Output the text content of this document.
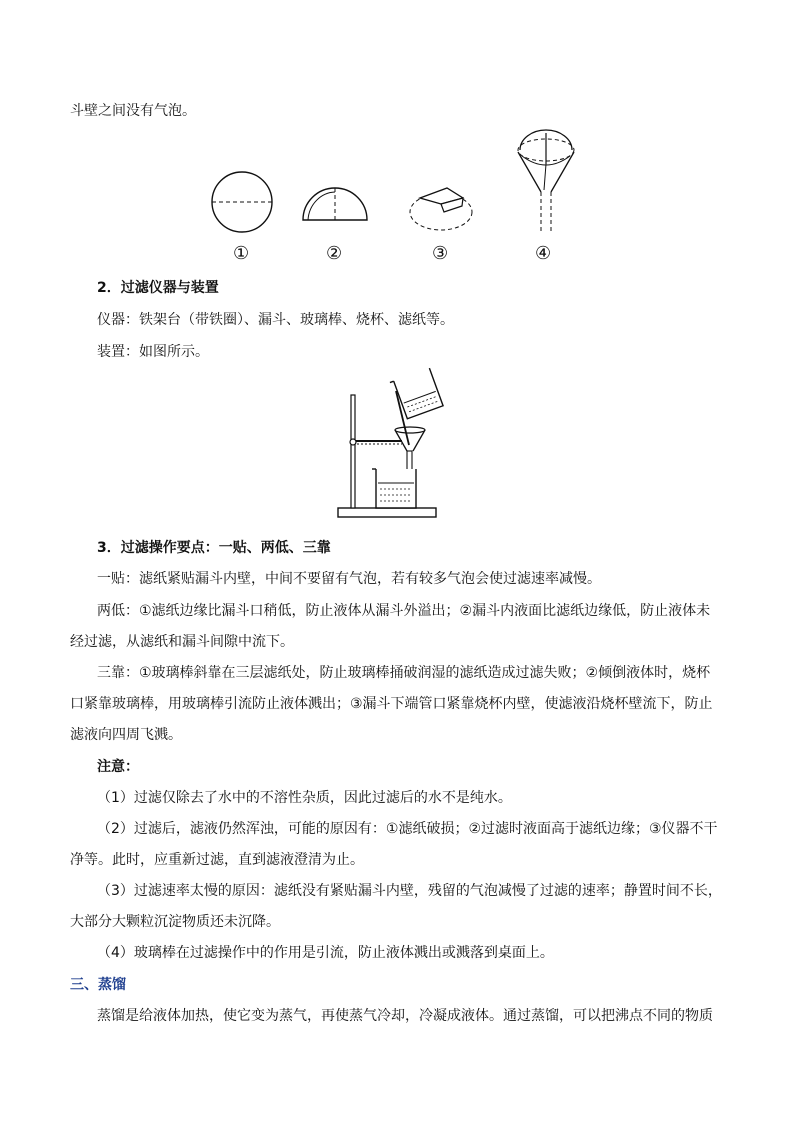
斗壁之间没有气泡。
①	②	③	④
2．过滤仪器与装置
仪器：铁架台（带铁圈）、漏斗、玻璃棒、烧杯、滤纸等。
装置：如图所示。
3．过滤操作要点：一贴、两低、三靠
一贴：滤纸紧贴漏斗内壁，中间不要留有气泡，若有较多气泡会使过滤速率减慢。
两低：①滤纸边缘比漏斗口稍低，防止液体从漏斗外溢出；②漏斗内液面比滤纸边缘低，防止液体未
经过滤，从滤纸和漏斗间隙中流下。
三靠：①玻璃棒斜靠在三层滤纸处，防止玻璃棒捅破润湿的滤纸造成过滤失败；②倾倒液体时，烧杯
口紧靠玻璃棒，用玻璃棒引流防止液体溅出；③漏斗下端管口紧靠烧杯内壁，使滤液沿烧杯壁流下，防止
滤液向四周飞溅。
注意：
（1）过滤仅除去了水中的不溶性杂质，因此过滤后的水不是纯水。
（2）过滤后，滤液仍然浑浊，可能的原因有：①滤纸破损；②过滤时液面高于滤纸边缘；③仪器不干
净等。此时，应重新过滤，直到滤液澄清为止。
（3）过滤速率太慢的原因：滤纸没有紧贴漏斗内壁，残留的气泡减慢了过滤的速率；静置时间不长，
大部分大颗粒沉淀物质还未沉降。
（4）玻璃棒在过滤操作中的作用是引流，防止液体溅出或溅落到桌面上。
三、蒸馏
蒸馏是给液体加热，使它变为蒸气，再使蒸气冷却，冷凝成液体。通过蒸馏，可以把沸点不同的物质
